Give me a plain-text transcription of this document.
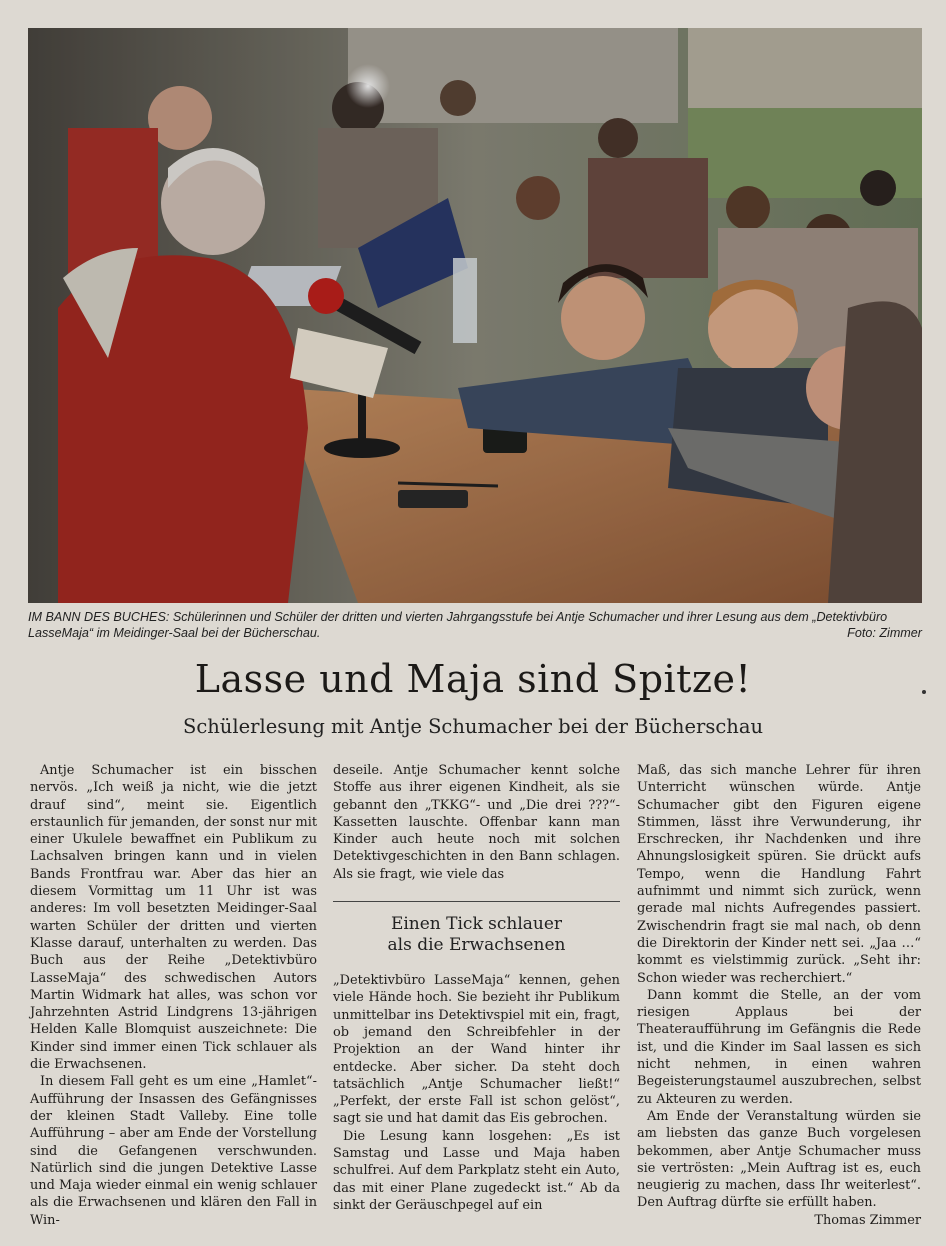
IM BANN DES BUCHES: Schülerinnen und Schüler der dritten und vierten Jahrgangsstufe bei Antje Schumacher und ihrer Lesung aus dem „Detektivbüro LasseMaja“ im Meidinger-Saal bei der Bücherschau.	Foto: Zimmer
Lasse und Maja sind Spitze!
Schülerlesung mit Antje Schumacher bei der Bücherschau

Antje Schumacher ist ein bisschen nervös. „Ich weiß ja nicht, wie die jetzt drauf sind“, meint sie. Eigentlich erstaunlich für jemanden, der sonst nur mit einer Ukulele bewaffnet ein Publikum zu Lachsalven bringen kann und in vielen Bands Frontfrau war. Aber das hier an diesem Vormittag um 11 Uhr ist was anderes: Im voll besetzten Meidinger-Saal warten Schüler der dritten und vierten Klasse darauf, unterhalten zu werden. Das Buch aus der Reihe „Detektivbüro LasseMaja“ des schwedischen Autors Martin Widmark hat alles, was schon vor Jahrzehnten Astrid Lindgrens 13-jährigen Helden Kalle Blomquist auszeichnete: Die Kinder sind immer einen Tick schlauer als die Erwachsenen.

In diesem Fall geht es um eine „Hamlet“-Aufführung der Insassen des Gefängnisses der kleinen Stadt Valleby. Eine tolle Aufführung – aber am Ende der Vorstellung sind die Gefangenen verschwunden. Natürlich sind die jungen Detektive Lasse und Maja wieder einmal ein wenig schlauer als die Erwachsenen und klären den Fall in Win-

deseile. Antje Schumacher kennt solche Stoffe aus ihrer eigenen Kindheit, als sie gebannt den „TKKG“- und „Die drei ???“-Kassetten lauschte. Offenbar kann man Kinder auch heute noch mit solchen Detektivgeschichten in den Bann schlagen. Als sie fragt, wie viele das

Einen Tick schlauer
als die Erwachsenen

„Detektivbüro LasseMaja“ kennen, gehen viele Hände hoch. Sie bezieht ihr Publikum unmittelbar ins Detektivspiel mit ein, fragt, ob jemand den Schreibfehler in der Projektion an der Wand hinter ihr entdecke. Aber sicher. Da steht doch tatsächlich „Antje Schumacher ließt!“ „Perfekt, der erste Fall ist schon gelöst“, sagt sie und hat damit das Eis gebrochen.

Die Lesung kann losgehen: „Es ist Samstag und Lasse und Maja haben schulfrei. Auf dem Parkplatz steht ein Auto, das mit einer Plane zugedeckt ist.“ Ab da sinkt der Geräuschpegel auf ein

Maß, das sich manche Lehrer für ihren Unterricht wünschen würde. Antje Schumacher gibt den Figuren eigene Stimmen, lässt ihre Verwunderung, ihr Erschrecken, ihr Nachdenken und ihre Ahnungslosigkeit spüren. Sie drückt aufs Tempo, wenn die Handlung Fahrt aufnimmt und nimmt sich zurück, wenn gerade mal nichts Aufregendes passiert. Zwischendrin fragt sie mal nach, ob denn die Direktorin der Kinder nett sei. „Jaa …“ kommt es vielstimmig zurück. „Seht ihr: Schon wieder was recherchiert.“

Dann kommt die Stelle, an der vom riesigen Applaus bei der Theateraufführung im Gefängnis die Rede ist, und die Kinder im Saal lassen es sich nicht nehmen, in einen wahren Begeisterungstaumel auszubrechen, selbst zu Akteuren zu werden.

Am Ende der Veranstaltung würden sie am liebsten das ganze Buch vorgelesen bekommen, aber Antje Schumacher muss sie vertrösten: „Mein Auftrag ist es, euch neugierig zu machen, dass Ihr weiterlest“. Den Auftrag dürfte sie erfüllt haben.

Thomas Zimmer
